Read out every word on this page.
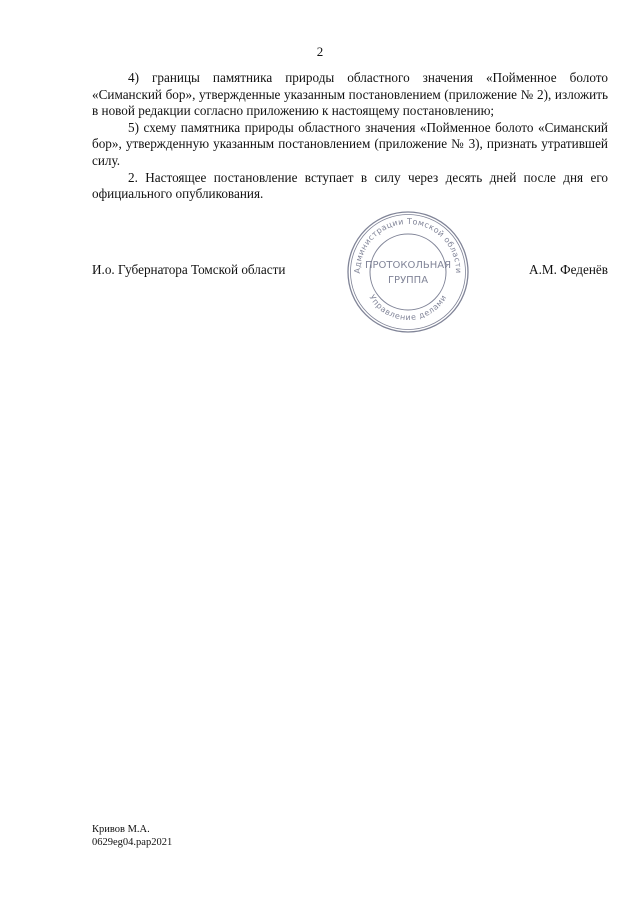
2

4) границы памятника природы областного значения «Пойменное болото «Симанский бор», утвержденные указанным постановлением (приложение № 2), изложить в новой редакции согласно приложению к настоящему постановлению;

5) схему памятника природы областного значения «Пойменное болото «Симанский бор», утвержденную указанным постановлением (приложение № 3), признать утратившей силу.

2. Настоящее постановление вступает в силу через десять дней после дня его официального опубликования.

И.о. Губернатора Томской области	А.М. Феденёв
Администрации Томской области
Управление делами
ПРОТОКОЛЬНАЯ
ГРУППА
Кривов М.А.
0629eg04.pap2021
